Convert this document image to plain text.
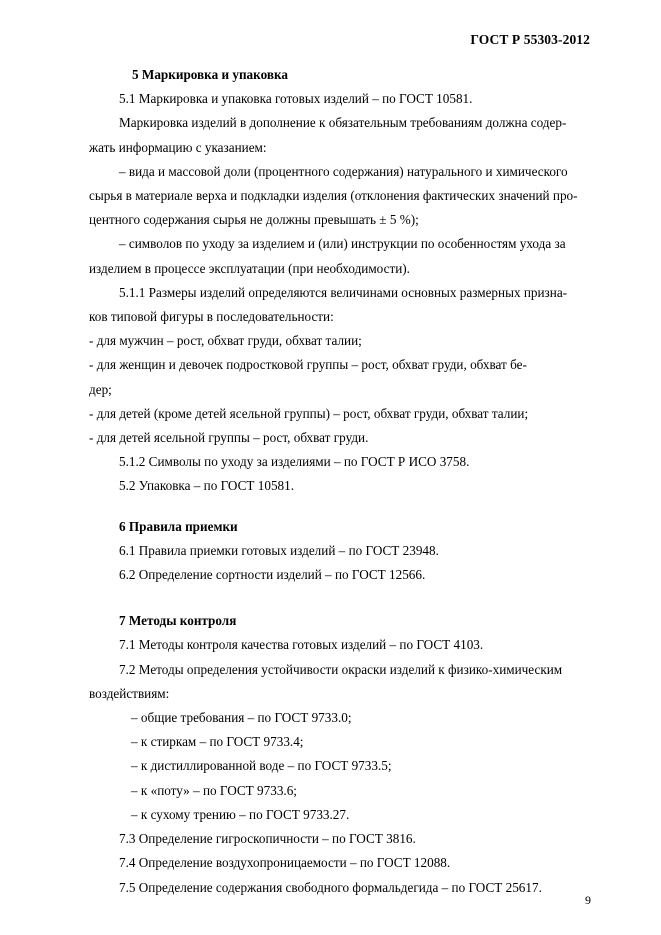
ГОСТ Р 55303-2012
5 Маркировка и упаковка
5.1 Маркировка и упаковка готовых изделий – по ГОСТ 10581.
Маркировка изделий в дополнение к обязательным требованиям должна содер-
жать информацию с указанием:
– вида и массовой доли (процентного содержания) натурального и химического
сырья в материале верха и подкладки изделия (отклонения фактических значений про-
центного содержания сырья не должны превышать ± 5 %);
– символов по уходу за изделием и (или) инструкции по особенностям ухода за
изделием в процессе эксплуатации (при необходимости).
5.1.1 Размеры изделий определяются величинами основных размерных призна-
ков типовой фигуры в последовательности:
- для мужчин – рост, обхват груди, обхват талии;
- для женщин и девочек подростковой группы – рост, обхват груди, обхват бе-
дер;
- для детей (кроме детей ясельной группы) – рост, обхват груди, обхват талии;
- для детей ясельной группы – рост, обхват груди.
5.1.2 Символы по уходу за изделиями – по ГОСТ Р ИСО 3758.
5.2 Упаковка – по ГОСТ 10581.
6 Правила приемки
6.1 Правила приемки готовых изделий – по ГОСТ 23948.
6.2 Определение сортности изделий – по ГОСТ 12566.
7 Методы контроля
7.1 Методы контроля качества готовых изделий – по ГОСТ 4103.
7.2 Методы определения устойчивости окраски изделий к физико-химическим
воздействиям:
– общие требования – по ГОСТ 9733.0;
– к стиркам – по ГОСТ 9733.4;
– к дистиллированной воде – по ГОСТ 9733.5;
– к «поту» – по ГОСТ 9733.6;
– к сухому трению – по ГОСТ 9733.27.
7.3 Определение гигроскопичности – по ГОСТ 3816.
7.4 Определение воздухопроницаемости – по ГОСТ 12088.
7.5 Определение содержания свободного формальдегида – по ГОСТ 25617.
9
